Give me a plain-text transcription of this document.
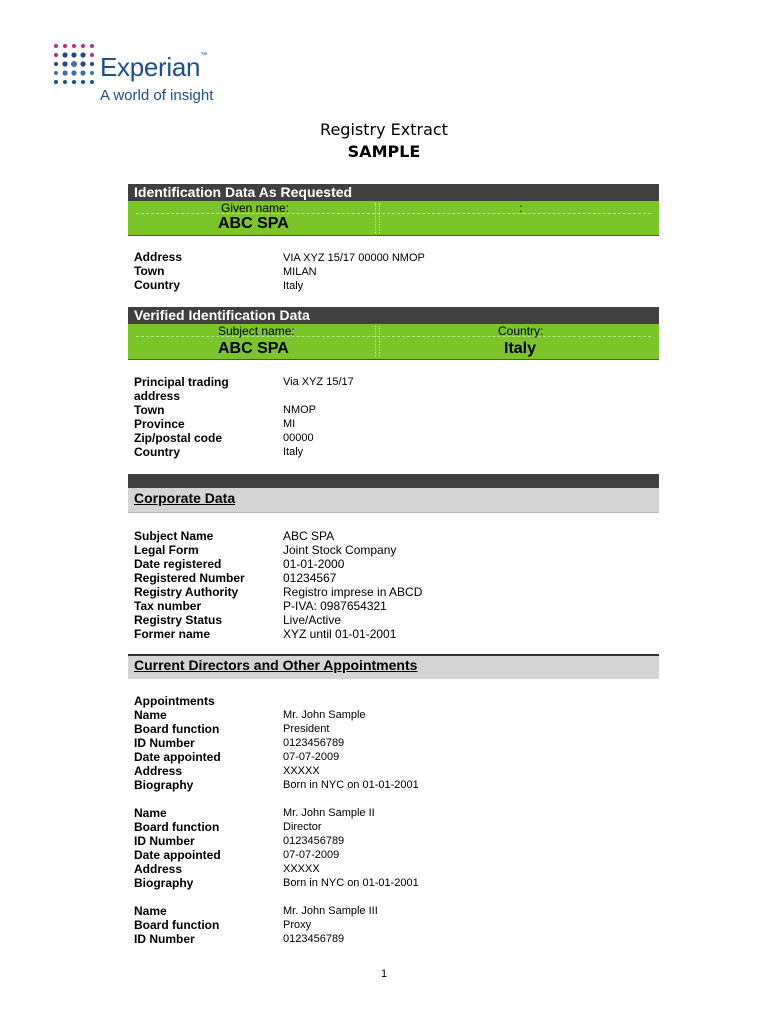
Experian™
A world of insight
Registry Extract
SAMPLE
Identification Data As Requested
Given name:	:
ABC SPA
Address	VIA XYZ 15/17 00000 NMOP
Town	MILAN
Country	Italy
Verified Identification Data
Subject name:
ABC SPA
Country:
Italy
Principal trading address
Via XYZ 15/17
Town	NMOP
Province	MI
Zip/postal code	00000
Country	Italy
Corporate Data
Subject Name	ABC SPA
Legal Form	Joint Stock Company
Date registered	01-01-2000
Registered Number	01234567
Registry Authority	Registro imprese in ABCD
Tax number	P-IVA: 0987654321
Registry Status	Live/Active
Former name	XYZ until 01-01-2001
Current Directors and Other Appointments
Appointments
Name	Mr. John Sample
Board function	President
ID Number	0123456789
Date appointed	07-07-2009
Address	XXXXX
Biography	Born in NYC on 01-01-2001
Name	Mr. John Sample II
Board function	Director
ID Number	0123456789
Date appointed	07-07-2009
Address	XXXXX
Biography	Born in NYC on 01-01-2001
Name	Mr. John Sample III
Board function	Proxy
ID Number	0123456789
1
